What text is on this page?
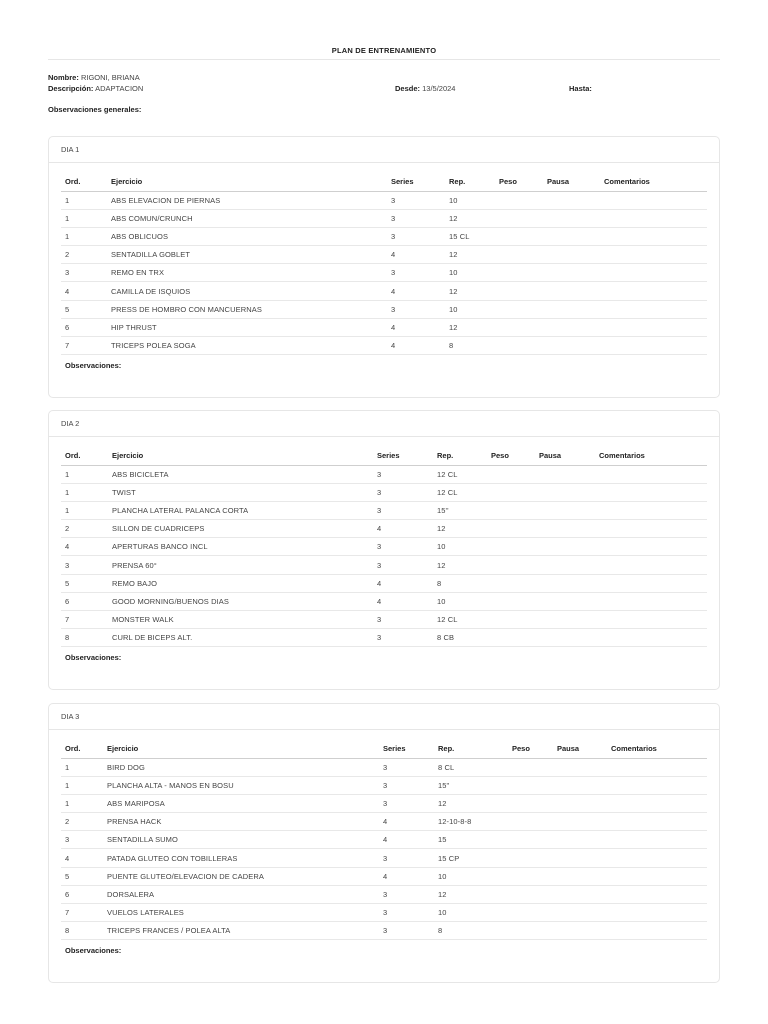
PLAN DE ENTRENAMIENTO
Nombre: RIGONI, BRIANA
Descripción: ADAPTACION	Desde: 13/5/2024	Hasta:
Observaciones generales:
DIA 1
Ord.	Ejercicio	Series	Rep.	Peso	Pausa	Comentarios
1	ABS ELEVACION DE PIERNAS	3	10			
1	ABS COMUN/CRUNCH	3	12			
1	ABS OBLICUOS	3	15 CL			
2	SENTADILLA GOBLET	4	12			
3	REMO EN TRX	3	10			
4	CAMILLA DE ISQUIOS	4	12			
5	PRESS DE HOMBRO CON MANCUERNAS	3	10			
6	HIP THRUST	4	12			
7	TRICEPS POLEA SOGA	4	8			
Observaciones:
DIA 2
Ord.	Ejercicio	Series	Rep.	Peso	Pausa	Comentarios
1	ABS BICICLETA	3	12 CL			
1	TWIST	3	12 CL			
1	PLANCHA LATERAL PALANCA CORTA	3	15''			
2	SILLON DE CUADRICEPS	4	12			
4	APERTURAS BANCO INCL	3	10			
3	PRENSA 60°	3	12			
5	REMO BAJO	4	8			
6	GOOD MORNING/BUENOS DIAS	4	10			
7	MONSTER WALK	3	12 CL			
8	CURL DE BICEPS ALT.	3	8 CB			
Observaciones:
DIA 3
Ord.	Ejercicio	Series	Rep.	Peso	Pausa	Comentarios
1	BIRD DOG	3	8 CL			
1	PLANCHA ALTA - MANOS EN BOSU	3	15"			
1	ABS MARIPOSA	3	12			
2	PRENSA HACK	4	12-10-8-8			
3	SENTADILLA SUMO	4	15			
4	PATADA GLUTEO CON TOBILLERAS	3	15 CP			
5	PUENTE GLUTEO/ELEVACION DE CADERA	4	10			
6	DORSALERA	3	12			
7	VUELOS LATERALES	3	10			
8	TRICEPS FRANCES / POLEA ALTA	3	8			
Observaciones:
